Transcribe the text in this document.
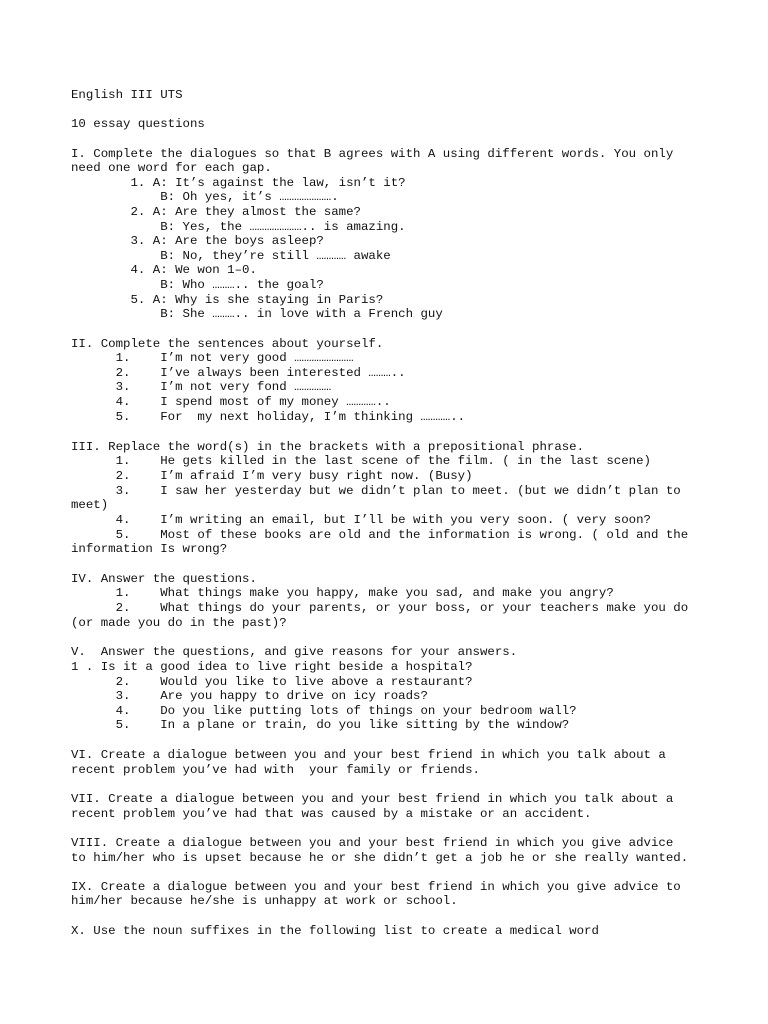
English III UTS

10 essay questions

I. Complete the dialogues so that B agrees with A using different words. You only

need one word for each gap.

1. A: It’s against the law, isn’t it?

B: Oh yes, it’s ………………….

2. A: Are they almost the same?

B: Yes, the ………………….. is amazing.

3. A: Are the boys asleep?

B: No, they’re still ………… awake

4. A: We won 1–0.

B: Who ……….. the goal?

5. A: Why is she staying in Paris?

B: She ……….. in love with a French guy

II. Complete the sentences about yourself.

1.    I’m not very good ……………………

2.    I’ve always been interested ………..

3.    I’m not very fond ……………

4.    I spend most of my money …………..

5.    For  my next holiday, I’m thinking …………..

III. Replace the word(s) in the brackets with a prepositional phrase.

1.    He gets killed in the last scene of the film. ( in the last scene)

2.    I’m afraid I’m very busy right now. (Busy)

3.    I saw her yesterday but we didn’t plan to meet. (but we didn’t plan to

meet)

4.    I’m writing an email, but I’ll be with you very soon. ( very soon?

5.    Most of these books are old and the information is wrong. ( old and the

information Is wrong?

IV. Answer the questions.

1.    What things make you happy, make you sad, and make you angry?

2.    What things do your parents, or your boss, or your teachers make you do

(or made you do in the past)?

V.  Answer the questions, and give reasons for your answers.

1 . Is it a good idea to live right beside a hospital?

2.    Would you like to live above a restaurant?

3.    Are you happy to drive on icy roads?

4.    Do you like putting lots of things on your bedroom wall?

5.    In a plane or train, do you like sitting by the window?

VI. Create a dialogue between you and your best friend in which you talk about a

recent problem you’ve had with  your family or friends.

VII. Create a dialogue between you and your best friend in which you talk about a

recent problem you’ve had that was caused by a mistake or an accident.

VIII. Create a dialogue between you and your best friend in which you give advice

to him/her who is upset because he or she didn’t get a job he or she really wanted.

IX. Create a dialogue between you and your best friend in which you give advice to

him/her because he/she is unhappy at work or school.

X. Use the noun suffixes in the following list to create a medical word
